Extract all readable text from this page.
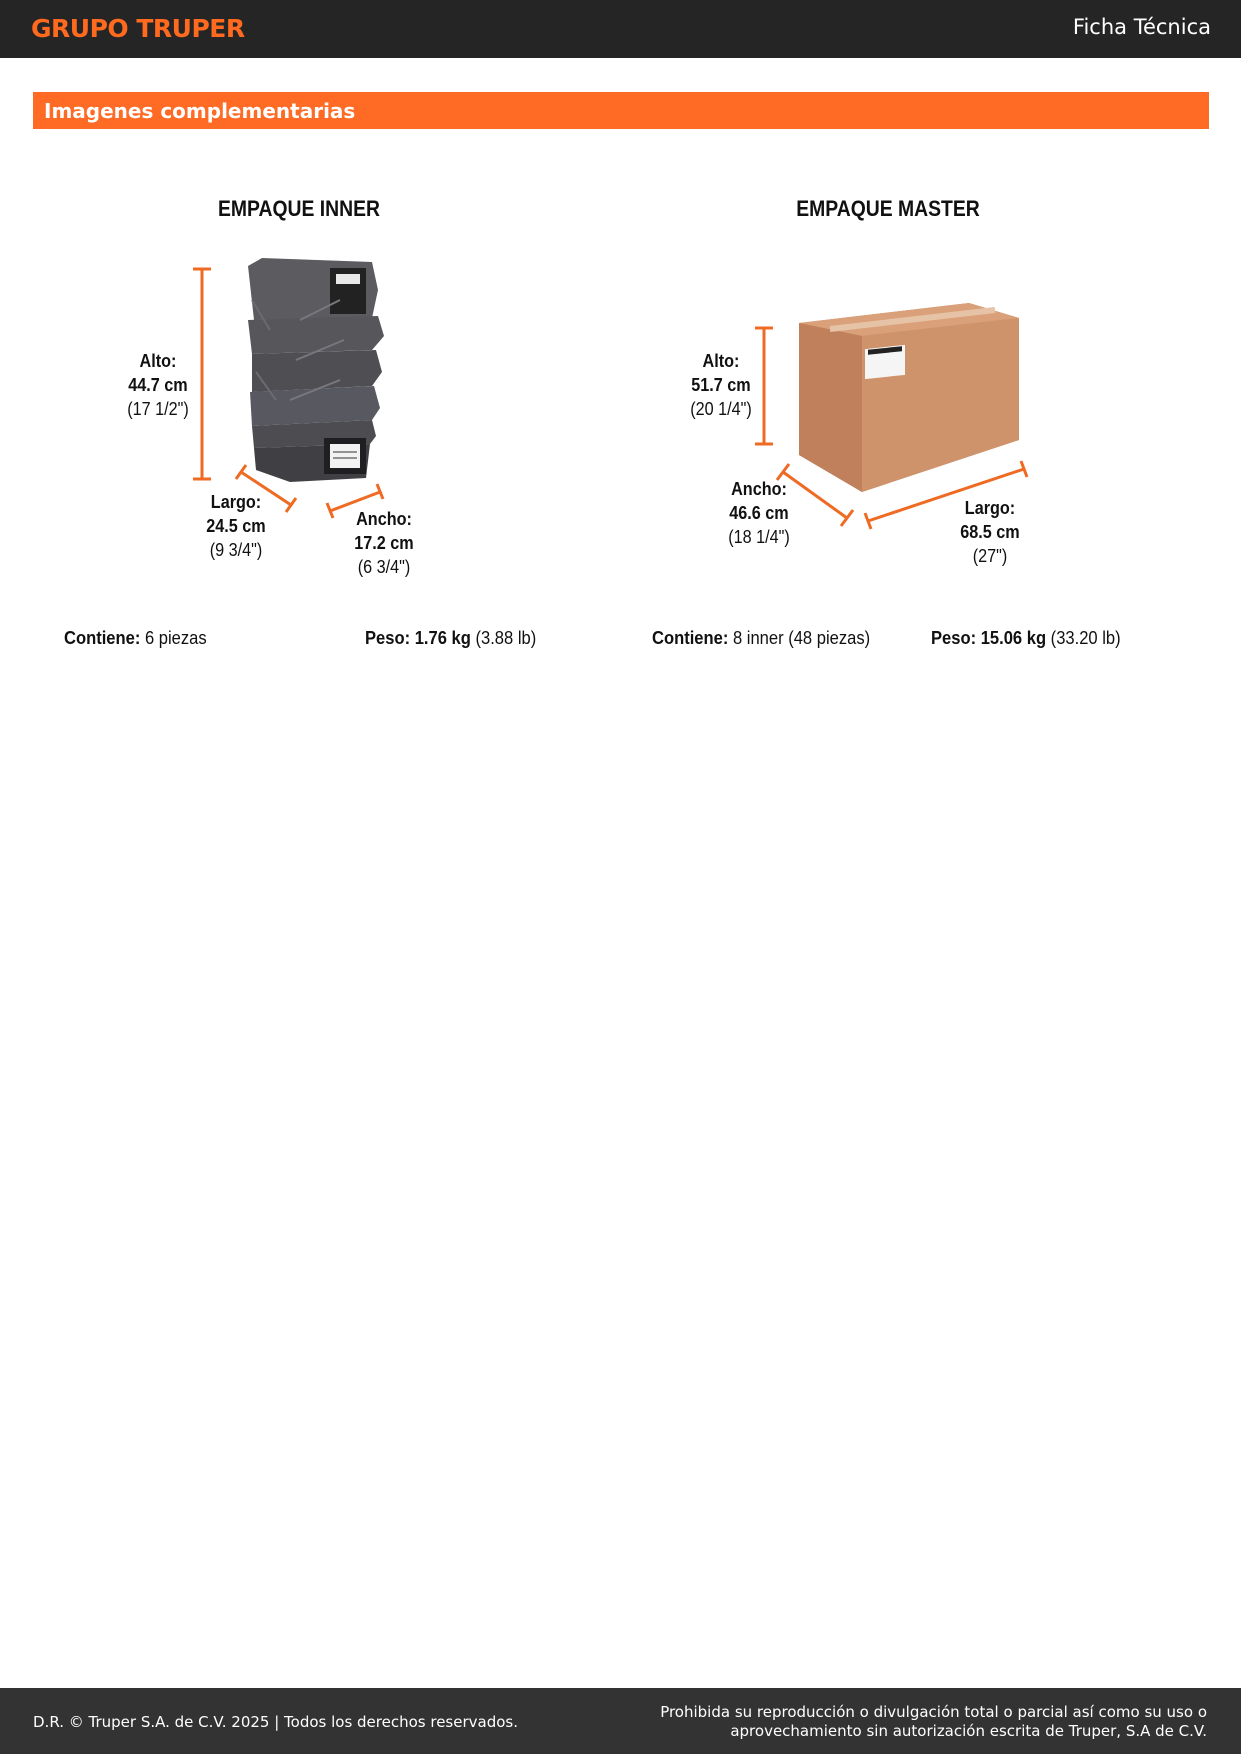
GRUPO TRUPER	Ficha Técnica
Imagenes complementarias
EMPAQUE INNER	EMPAQUE MASTER
Alto:
44.7 cm
(17 1/2")
Largo:
24.5 cm
(9 3/4")
Ancho:
17.2 cm
(6 3/4")
Alto:
51.7 cm
(20 1/4")
Ancho:
46.6 cm
(18 1/4")
Largo:
68.5 cm
(27")
Contiene: 6 piezas	Peso: 1.76 kg (3.88 lb)	Contiene: 8 inner (48 piezas)	Peso: 15.06 kg (33.20 lb)
D.R. © Truper S.A. de C.V. 2025 | Todos los derechos reservados.
Prohibida su reproducción o divulgación total o parcial así como su uso o
aprovechamiento sin autorización escrita de Truper, S.A de C.V.
